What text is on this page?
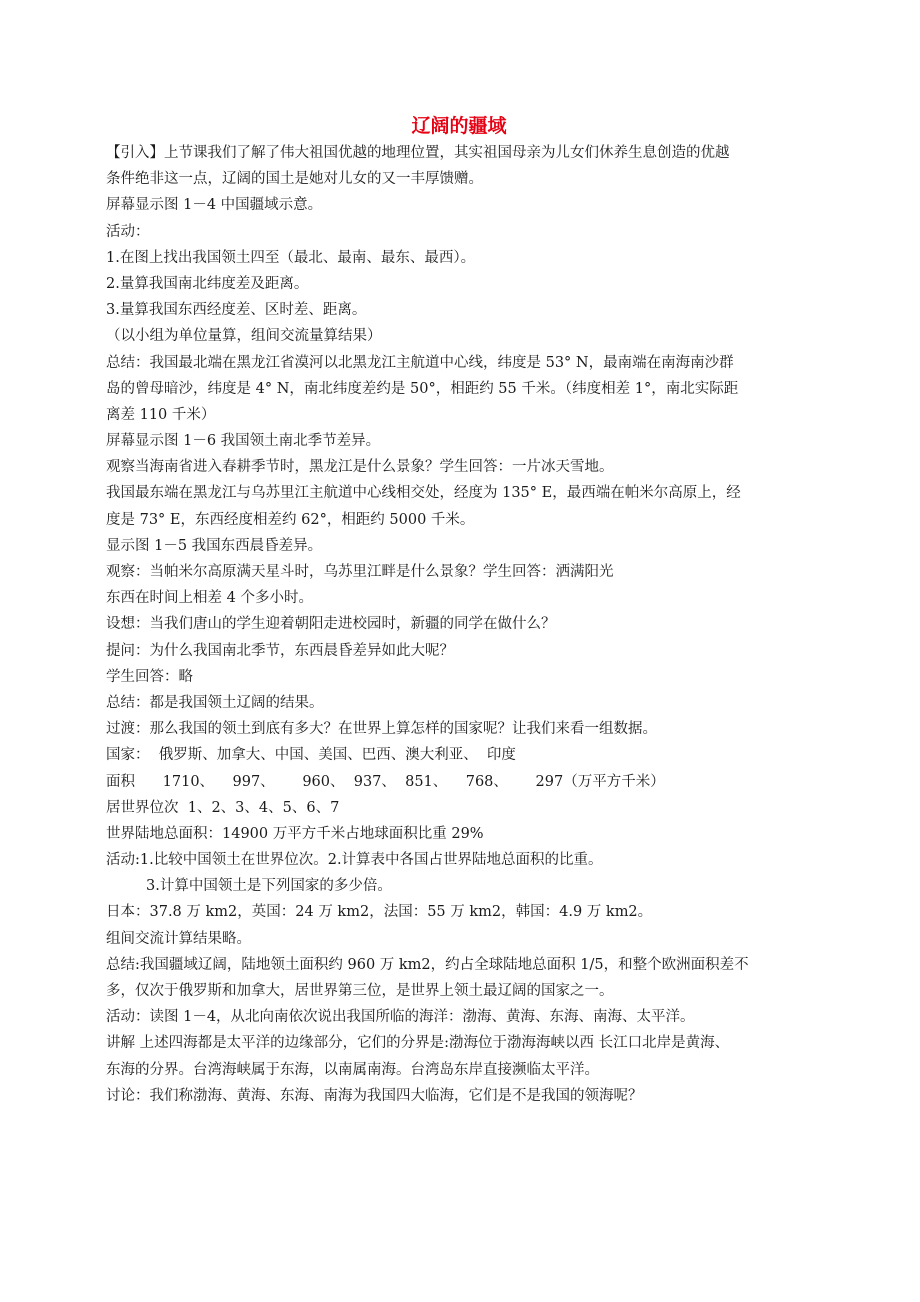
辽阔的疆域

【引入】上节课我们了解了伟大祖国优越的地理位置，其实祖国母亲为儿女们休养生息创造的优越

条件绝非这一点，辽阔的国土是她对儿女的又一丰厚馈赠。

屏幕显示图 1－4 中国疆域示意。

活动：

1.在图上找出我国领土四至（最北、最南、最东、最西）。

2.量算我国南北纬度差及距离。

3.量算我国东西经度差、区时差、距离。

（以小组为单位量算，组间交流量算结果）

总结：我国最北端在黑龙江省漠河以北黑龙江主航道中心线，纬度是 53° N，最南端在南海南沙群

岛的曾母暗沙，纬度是 4° N，南北纬度差约是 50°，相距约 55 千米。（纬度相差 1°，南北实际距

离差 110 千米）

屏幕显示图 1－6 我国领土南北季节差异。

观察当海南省进入春耕季节时，黑龙江是什么景象？学生回答：一片冰天雪地。

我国最东端在黑龙江与乌苏里江主航道中心线相交处，经度为 135° E，最西端在帕米尔高原上，经

度是 73° E，东西经度相差约 62°，相距约 5000 千米。

显示图 1－5 我国东西晨昏差异。

观察：当帕米尔高原满天星斗时，乌苏里江畔是什么景象？学生回答：洒满阳光

东西在时间上相差 4 个多小时。

设想：当我们唐山的学生迎着朝阳走进校园时，新疆的同学在做什么？

提问：为什么我国南北季节，东西晨昏差异如此大呢？

学生回答：略

总结：都是我国领土辽阔的结果。

过渡：那么我国的领土到底有多大？在世界上算怎样的国家呢？让我们来看一组数据。

国家：  俄罗斯、加拿大、中国、美国、巴西、澳大利亚、  印度

面积      1710、    997、      960、  937、  851、    768、      297（万平方千米）

居世界位次  1、2、3、4、5、6、7

世界陆地总面积：14900 万平方千米占地球面积比重 29%

活动:1.比较中国领土在世界位次。2.计算表中各国占世界陆地总面积的比重。

3.计算中国领土是下列国家的多少倍。

日本：37.8 万 km2，英国：24 万 km2，法国：55 万 km2，韩国：4.9 万 km2。

组间交流计算结果略。

总结:我国疆域辽阔，陆地领土面积约 960 万 km2，约占全球陆地总面积 1/5，和整个欧洲面积差不

多，仅次于俄罗斯和加拿大，居世界第三位，是世界上领土最辽阔的国家之一。

活动：读图 1－4，从北向南依次说出我国所临的海洋：渤海、黄海、东海、南海、太平洋。

讲解 上述四海都是太平洋的边缘部分，它们的分界是:渤海位于渤海海峡以西 长江口北岸是黄海、

东海的分界。台湾海峡属于东海，以南属南海。台湾岛东岸直接濒临太平洋。

讨论：我们称渤海、黄海、东海、南海为我国四大临海，它们是不是我国的领海呢？
